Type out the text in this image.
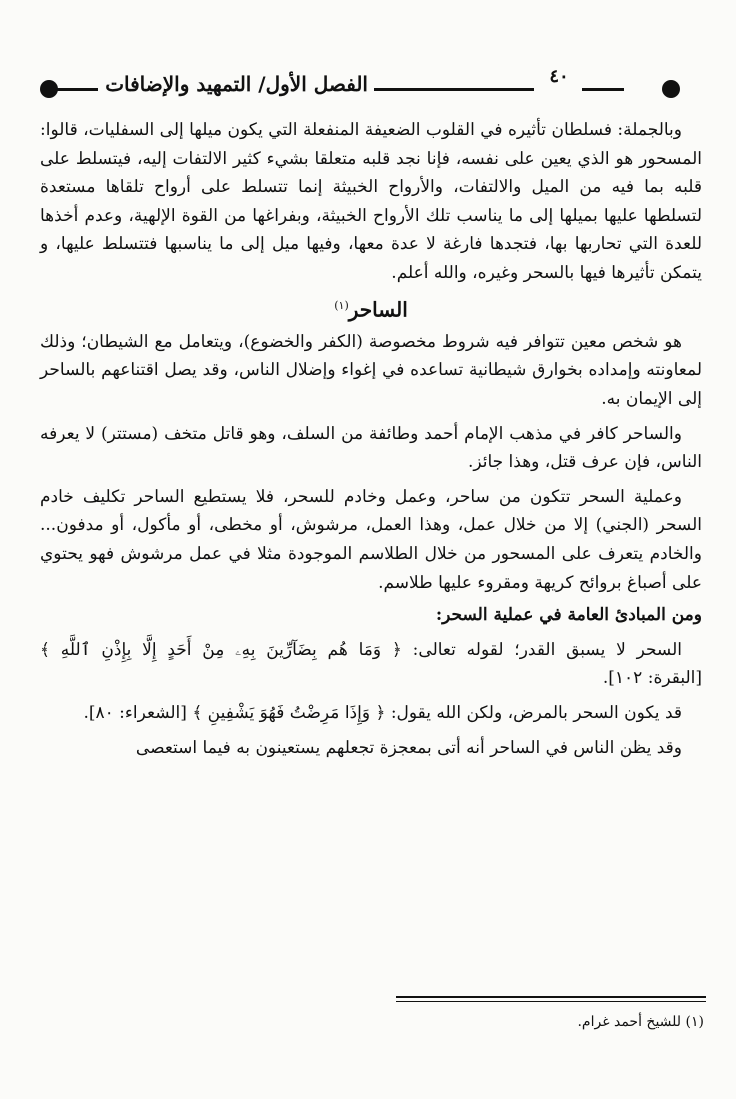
الفصل الأول/ التمهيد والإضافات	٤٠

وبالجملة: فسلطان تأثيره في القلوب الضعيفة المنفعلة التي يكون ميلها إلى السفليات، قالوا: المسحور هو الذي يعين على نفسه، فإنا نجد قلبه متعلقا بشيء كثير الالتفات إليه، فيتسلط على قلبه بما فيه من الميل والالتفات، والأرواح الخبيثة إنما تتسلط على أرواح تلقاها مستعدة لتسلطها عليها بميلها إلى ما يناسب تلك الأرواح الخبيثة، وبفراغها من القوة الإلهية، وعدم أخذها للعدة التي تحاربها بها، فتجدها فارغة لا عدة معها، وفيها ميل إلى ما يناسبها فتتسلط عليها، و يتمكن تأثيرها فيها بالسحر وغيره، والله أعلم.

الساحر$^{(١)}$

هو شخص معين تتوافر فيه شروط مخصوصة (الكفر والخضوع)، ويتعامل مع الشيطان؛ وذلك لمعاونته وإمداده بخوارق شيطانية تساعده في إغواء وإضلال الناس، وقد يصل اقتناعهم بالساحر إلى الإيمان به.

والساحر كافر في مذهب الإمام أحمد وطائفة من السلف، وهو قاتل متخف (مستتر) لا يعرفه الناس، فإن عرف قتل، وهذا جائز.

وعملية السحر تتكون من ساحر، وعمل وخادم للسحر، فلا يستطيع الساحر تكليف خادم السحر (الجني) إلا من خلال عمل، وهذا العمل، مرشوش، أو مخطى، أو مأكول، أو مدفون... والخادم يتعرف على المسحور من خلال الطلاسم الموجودة مثلا في عمل مرشوش فهو يحتوي على أصباغ بروائح كريهة ومقروء عليها طلاسم.

ومن المبادئ العامة في عملية السحر:

السحر لا يسبق القدر؛ لقوله تعالى: ﴿ وَمَا هُم بِضَآرِّينَ بِهِۦ مِنْ أَحَدٍ إِلَّا بِإِذْنِ ٱللَّهِ ﴾ [البقرة: ١٠٢].

قد يكون السحر بالمرض، ولكن الله يقول: ﴿ وَإِذَا مَرِضْتُ فَهُوَ يَشْفِينِ ﴾ [الشعراء: ٨٠].

وقد يظن الناس في الساحر أنه أتى بمعجزة تجعلهم يستعينون به فيما استعصى

(١) للشيخ أحمد غرام.
